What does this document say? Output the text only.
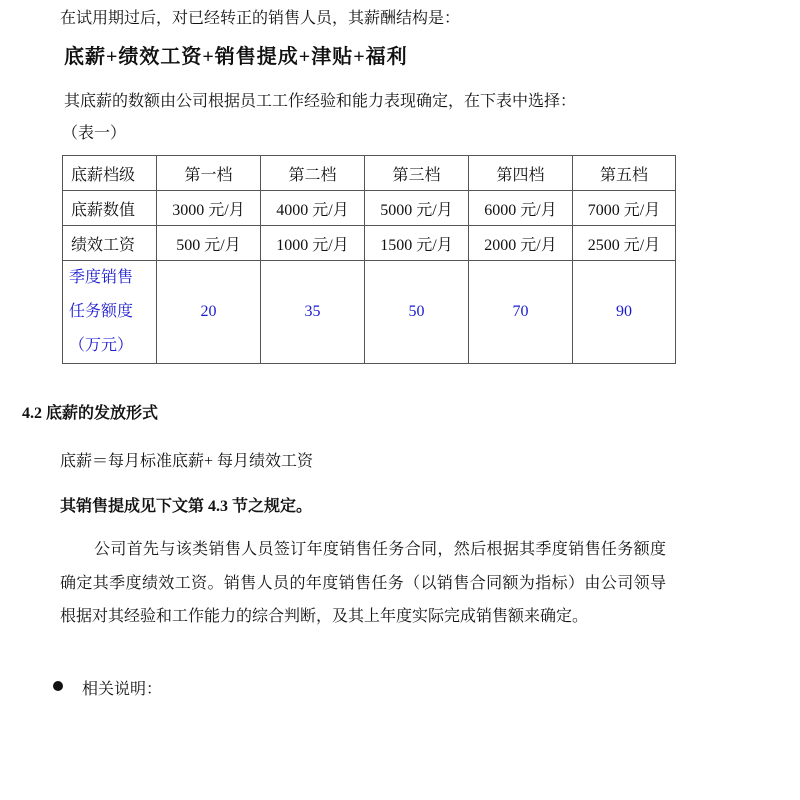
在试用期过后，对已经转正的销售人员，其薪酬结构是：
底薪+绩效工资+销售提成+津贴+福利
其底薪的数额由公司根据员工工作经验和能力表现确定，在下表中选择：
（表一）
底薪档级	第一档	第二档	第三档	第四档	第五档
底薪数值	3000 元/月	4000 元/月	5000 元/月	6000 元/月	7000 元/月
绩效工资	500 元/月	1000 元/月	1500 元/月	2000 元/月	2500 元/月

季度销售
任务额度
（万元）	20	35	50	70	90
4.2 底薪的发放形式
底薪＝每月标准底薪+ 每月绩效工资
其销售提成见下文第 4.3 节之规定。
公司首先与该类销售人员签订年度销售任务合同，然后根据其季度销售任务额度确定其季度绩效工资。销售人员的年度销售任务（以销售合同额为指标）由公司领导根据对其经验和工作能力的综合判断，及其上年度实际完成销售额来确定。
相关说明：
